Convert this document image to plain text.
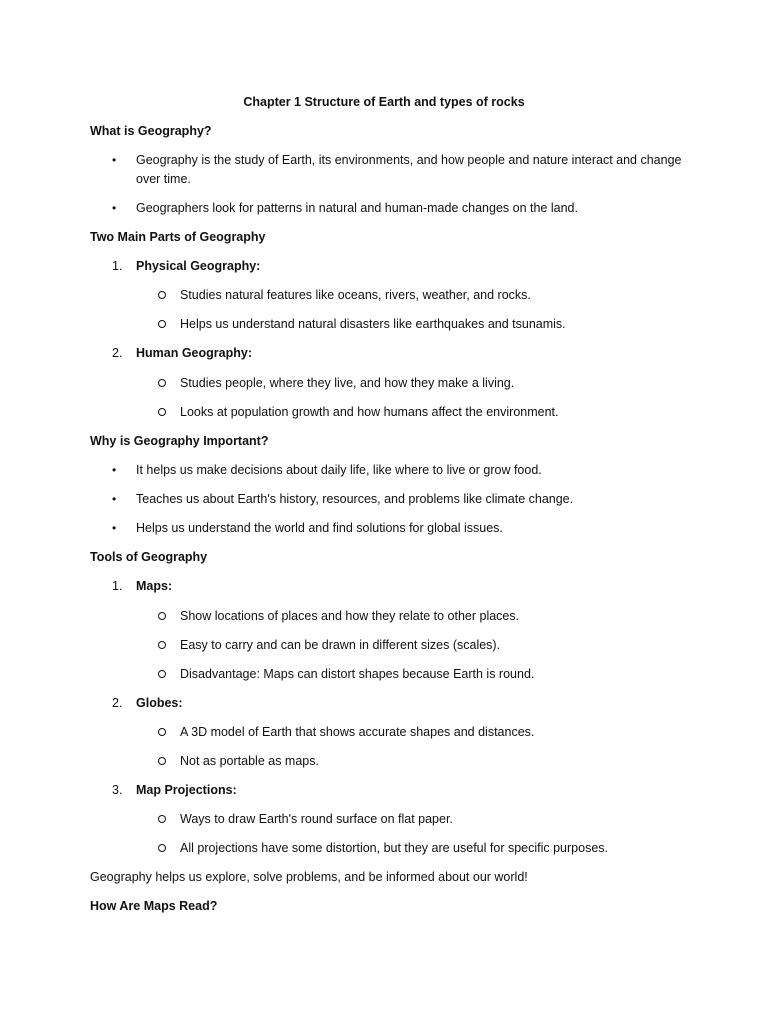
Chapter 1 Structure of Earth and types of rocks
What is Geography?
•	Geography is the study of Earth, its environments, and how people and nature interact and change over time.
•	Geographers look for patterns in natural and human-made changes on the land.
Two Main Parts of Geography
1.	Physical Geography:
Studies natural features like oceans, rivers, weather, and rocks.
Helps us understand natural disasters like earthquakes and tsunamis.
2.	Human Geography:
Studies people, where they live, and how they make a living.
Looks at population growth and how humans affect the environment.
Why is Geography Important?
•	It helps us make decisions about daily life, like where to live or grow food.
•	Teaches us about Earth's history, resources, and problems like climate change.
•	Helps us understand the world and find solutions for global issues.
Tools of Geography
1.	Maps:
Show locations of places and how they relate to other places.
Easy to carry and can be drawn in different sizes (scales).
Disadvantage: Maps can distort shapes because Earth is round.
2.	Globes:
A 3D model of Earth that shows accurate shapes and distances.
Not as portable as maps.
3.	Map Projections:
Ways to draw Earth's round surface on flat paper.
All projections have some distortion, but they are useful for specific purposes.
Geography helps us explore, solve problems, and be informed about our world!
How Are Maps Read?
